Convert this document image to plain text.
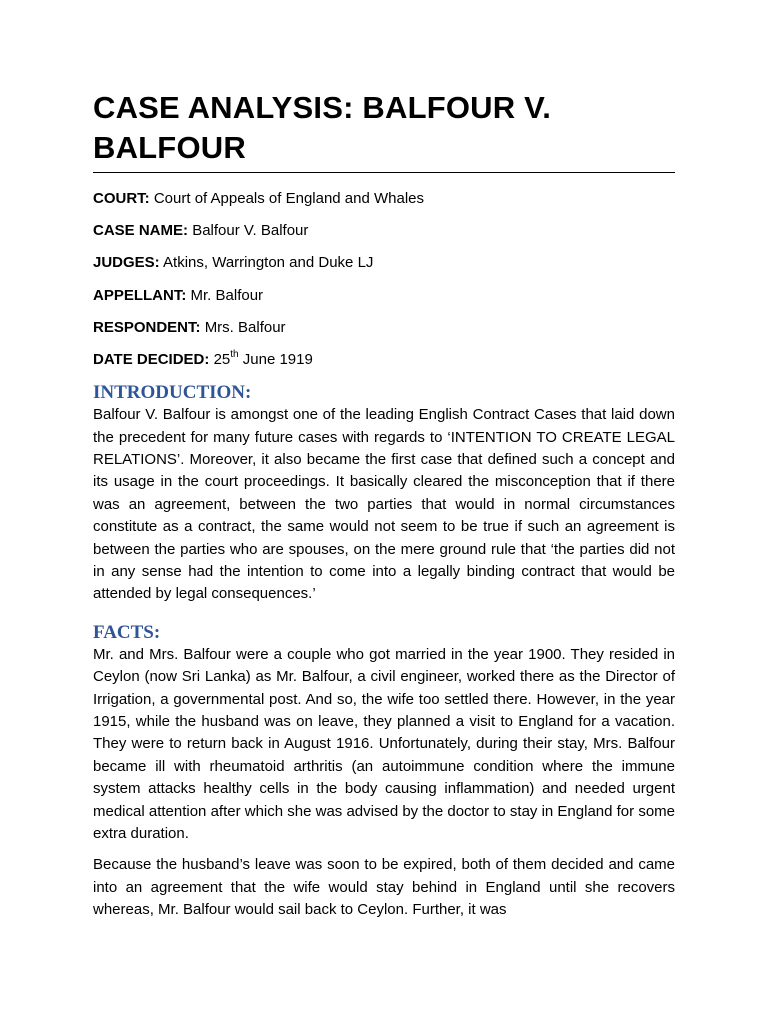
CASE ANALYSIS: BALFOUR V. BALFOUR
COURT: Court of Appeals of England and Whales
CASE NAME: Balfour V. Balfour
JUDGES: Atkins, Warrington and Duke LJ
APPELLANT: Mr. Balfour
RESPONDENT: Mrs. Balfour
DATE DECIDED: 25th June 1919
INTRODUCTION:

Balfour V. Balfour is amongst one of the leading English Contract Cases that laid down the precedent for many future cases with regards to ‘INTENTION TO CREATE LEGAL RELATIONS’. Moreover, it also became the first case that defined such a concept and its usage in the court proceedings. It basically cleared the misconception that if there was an agreement, between the two parties that would in normal circumstances constitute as a contract, the same would not seem to be true if such an agreement is between the parties who are spouses, on the mere ground rule that ‘the parties did not in any sense had the intention to come into a legally binding contract that would be attended by legal consequences.’

FACTS:

Mr. and Mrs. Balfour were a couple who got married in the year 1900. They resided in Ceylon (now Sri Lanka) as Mr. Balfour, a civil engineer, worked there as the Director of Irrigation, a governmental post. And so, the wife too settled there. However, in the year 1915, while the husband was on leave, they planned a visit to England for a vacation. They were to return back in August 1916. Unfortunately, during their stay, Mrs. Balfour became ill with rheumatoid arthritis (an autoimmune condition where the immune system attacks healthy cells in the body causing inflammation) and needed urgent medical attention after which she was advised by the doctor to stay in England for some extra duration.

Because the husband’s leave was soon to be expired, both of them decided and came into an agreement that the wife would stay behind in England until she recovers whereas, Mr. Balfour would sail back to Ceylon. Further, it was
